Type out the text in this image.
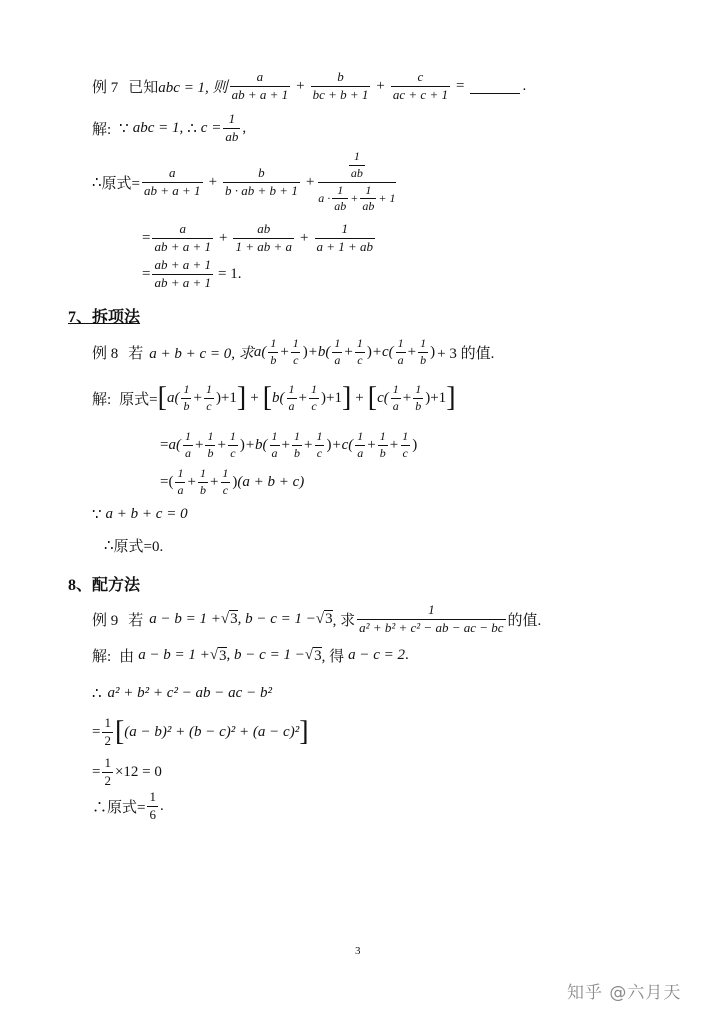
例 7 已知 abc = 1, 则 $\frac{a}{ab + a + 1} + \frac{b}{bc + b + 1} + \frac{c}{ac + c + 1}$ =	.
解: ∵ abc = 1, ∴ $c = \frac{1}{ab}$ ,
∴ 原式= $\frac{a}{ab + a + 1} + \frac{b}{b \cdot ab + b + 1} + \frac{\frac{1}{ab}}{a \cdot \frac{1}{ab} + \frac{1}{ab} + 1}$
= $\frac{a}{ab + a + 1} + \frac{ab}{1 + ab + a} + \frac{1}{a + 1 + ab}$
= $\frac{ab + a + 1}{ab + a + 1} = 1$.
7、拆项法
例 8 若 a + b + c = 0, 求 $a( \frac{1}{b} + \frac{1}{c}$ ) $+b( \frac{1}{a} + \frac{1}{c}$ ) $+c( \frac{1}{a} + \frac{1}{b}$ ) + 3 的值.
解: 原式= [ $a( \frac{1}{b} + \frac{1}{c} )+1$ ] + [ $b( \frac{1}{a} + \frac{1}{c} )+1$ ] + [ $c( \frac{1}{a} + \frac{1}{b} )+1$ ]
= $a( \frac{1}{a} + \frac{1}{b} + \frac{1}{c}$ ) $+b( \frac{1}{a} + \frac{1}{b} + \frac{1}{c}$ ) $+c( \frac{1}{a} + \frac{1}{b} + \frac{1}{c}$ )
=( $\frac{1}{a} + \frac{1}{b} + \frac{1}{c}$ ) (a + b + c)
∵ a + b + c = 0
∴ 原式=0.
8、配方法
例 9 若 a − b = 1 + √ 3 , b − c = 1 − √ 3 , 求 $\frac{1}{\text{a² + b² + c² − ab − ac − bc}}$ 的值.
解: 由 a − b = 1 + √ 3 , b − c = 1 − √ 3 , 得 a − c = 2 .
∴ a² + b² + c² − ab − ac − b²
= $\frac{1}{2}$ [ (a − b)² + (b − c)² + (a − c)² ]
= $\frac{1}{2} \times 12 = 0$
∴原式= $\frac{1}{6}$ .
3
知乎 @六月天
